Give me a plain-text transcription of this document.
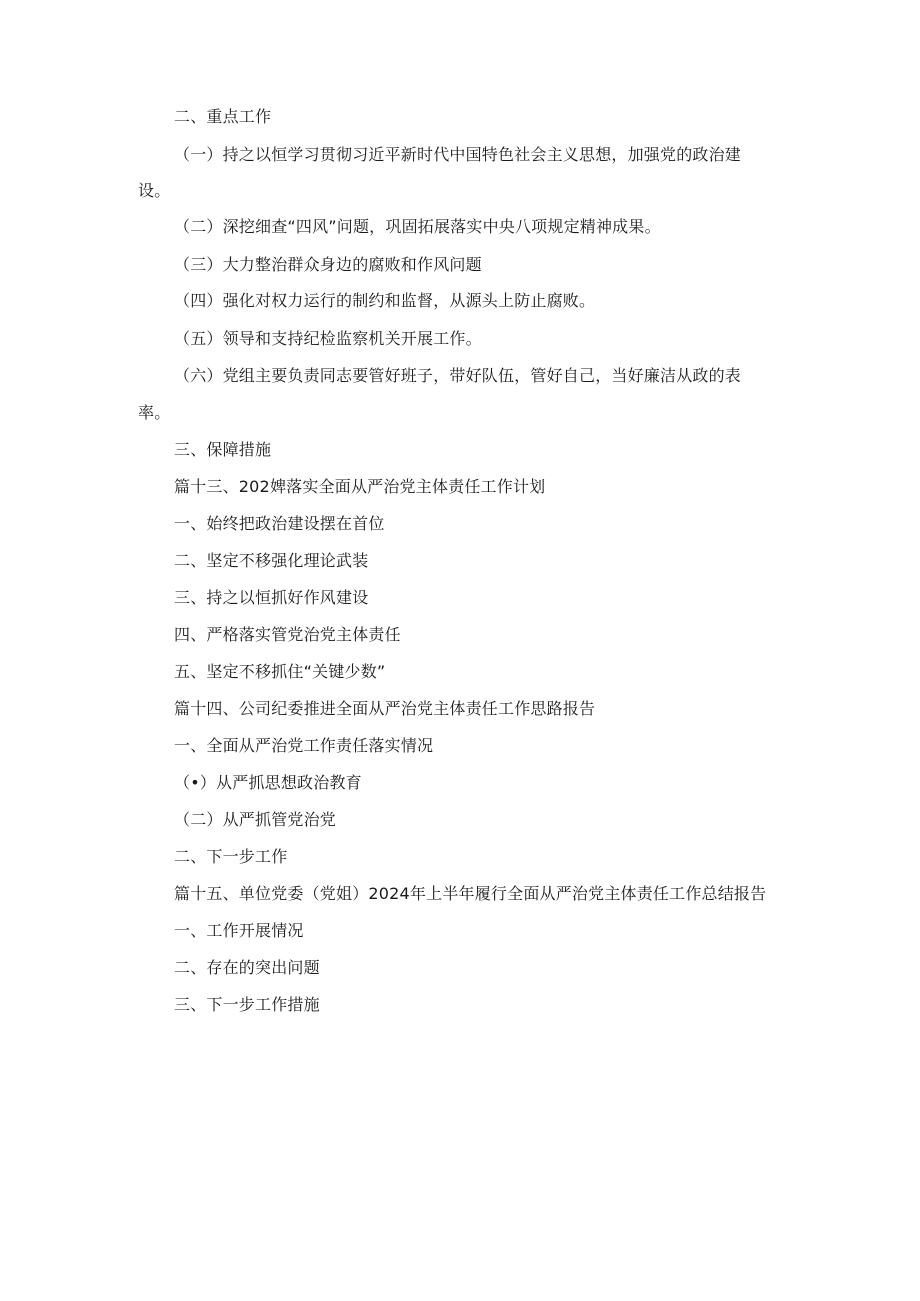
二、重点工作
（一）持之以恒学习贯彻习近平新时代中国特色社会主义思想，加强党的政治建
设。
（二）深挖细查“四风”问题，巩固拓展落实中央八项规定精神成果。
（三）大力整治群众身边的腐败和作风问题
（四）强化对权力运行的制约和监督，从源头上防止腐败。
（五）领导和支持纪检监察机关开展工作。
（六）党组主要负责同志要管好班子，带好队伍，管好自己，当好廉洁从政的表
率。
三、保障措施
篇十三、202婢落实全面从严治党主体责任工作计划
一、始终把政治建设摆在首位
二、坚定不移强化理论武装
三、持之以恒抓好作风建设
四、严格落实管党治党主体责任
五、坚定不移抓住“关键少数”
篇十四、公司纪委推进全面从严治党主体责任工作思路报告
一、全面从严治党工作责任落实情况
（•）从严抓思想政治教育
（二）从严抓管党治党
二、下一步工作
篇十五、单位党委（党姐）2024年上半年履行全面从严治党主体责任工作总结报告
一、工作开展情况
二、存在的突出问题
三、下一步工作措施
